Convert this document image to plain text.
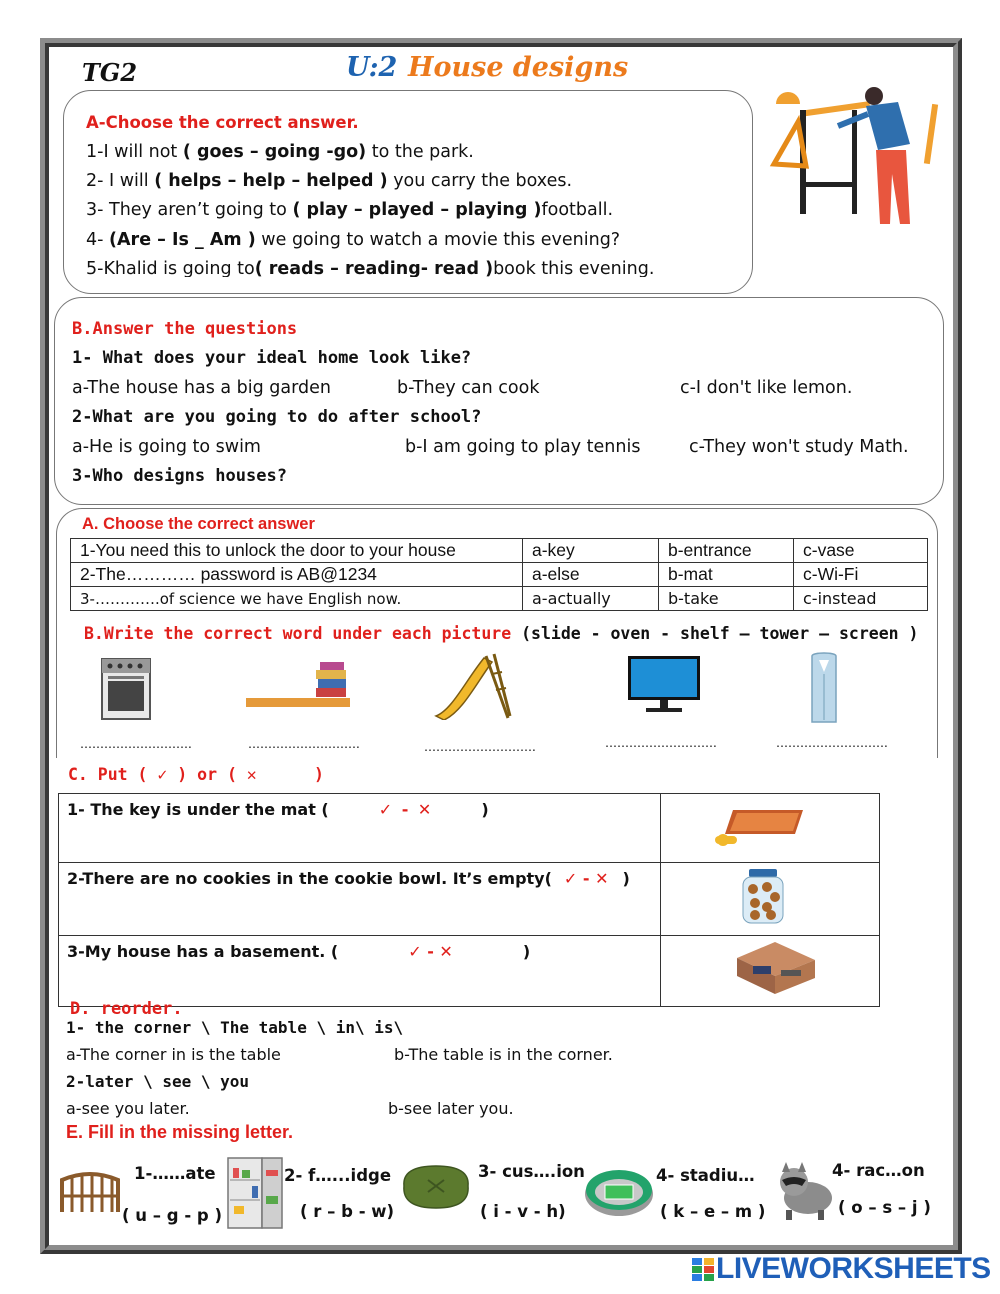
TG2	U:2 House designs
A-Choose the correct answer.
1-I will not ( goes – going -go) to the park.
2- I will ( helps – help – helped ) you carry the boxes.
3- They aren’t going to ( play – played – playing )football.
4- (Are – Is _ Am ) we going to watch a movie this evening?
5-Khalid is going to( reads – reading- read )book this evening.
B.Answer the questions
1- What does your ideal home look like?
a-The house has a big garden	b-They can cook	c-I don't like lemon.
2-What are you going to do after school?
a-He is going to swim	b-I am going to play tennis	c-They won't study Math.
3-Who designs houses?
A. Choose the correct answer
1-You need this to unlock the door to your house	a-key	b-entrance	c-vase
2-The………… password is AB@1234	a-else	b-mat	c-Wi-Fi
3-………….of science we have English now.	a-actually	b-take	c-instead
B.Write the correct word under each picture (slide - oven - shelf – tower – screen )
……………………….	……………………….	……………………….	……………………….	……………………….
C. Put ( ✓ ) or ( ✕	)
1- The key is under the mat ( ✓ - ✕ )	
2-There are no cookies in the cookie bowl. It’s empty( ✓ - ✕ )	
3-My house has a basement. ( ✓ - ✕ )	
D. reorder.
1- the corner \ The table \ in\ is\
a-The corner in is the table	b-The table is in the corner.
2-later \ see \ you
a-see you later.	b-see later you.
E. Fill in the missing letter.
1-……ate
( u – g - p )
2- f…...idge
( r – b - w)
3- cus….ion
( i - v - h)
4- stadiu…
( k – e – m )
4- rac…on
( o – s – j )
LIVEWORKSHEETS
